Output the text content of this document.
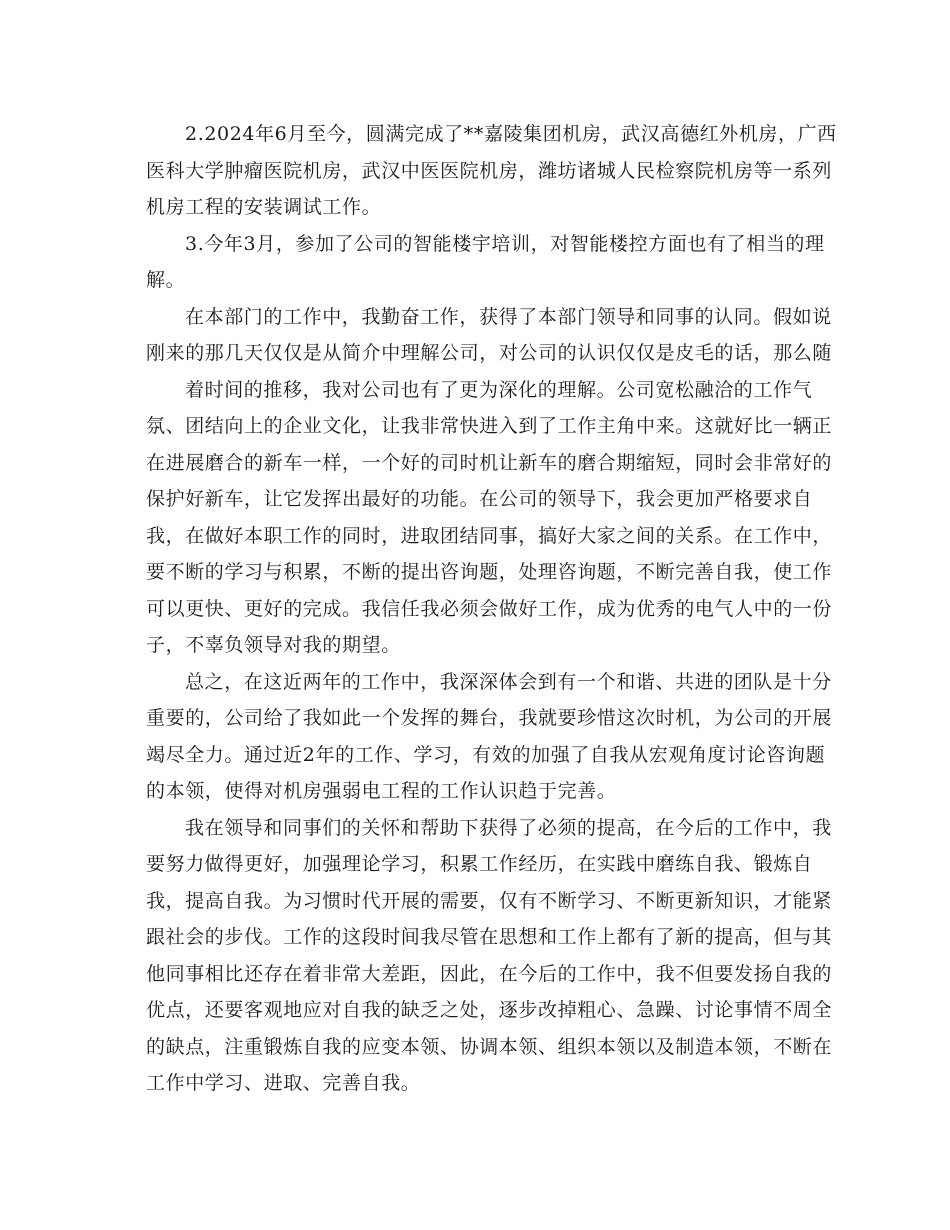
2.2024年6月至今，圆满完成了**嘉陵集团机房，武汉高德红外机房，广西
医科大学肿瘤医院机房，武汉中医医院机房，潍坊诸城人民检察院机房等一系列
机房工程的安装调试工作。
3.今年3月，参加了公司的智能楼宇培训，对智能楼控方面也有了相当的理
解。
在本部门的工作中，我勤奋工作，获得了本部门领导和同事的认同。假如说
刚来的那几天仅仅是从简介中理解公司，对公司的认识仅仅是皮毛的话，那么随
着时间的推移，我对公司也有了更为深化的理解。公司宽松融洽的工作气
氛、团结向上的企业文化，让我非常快进入到了工作主角中来。这就好比一辆正
在进展磨合的新车一样，一个好的司时机让新车的磨合期缩短，同时会非常好的
保护好新车，让它发挥出最好的功能。在公司的领导下，我会更加严格要求自
我，在做好本职工作的同时，进取团结同事，搞好大家之间的关系。在工作中，
要不断的学习与积累，不断的提出咨询题，处理咨询题，不断完善自我，使工作
可以更快、更好的完成。我信任我必须会做好工作，成为优秀的电气人中的一份
子，不辜负领导对我的期望。
总之，在这近两年的工作中，我深深体会到有一个和谐、共进的团队是十分
重要的，公司给了我如此一个发挥的舞台，我就要珍惜这次时机，为公司的开展
竭尽全力。通过近2年的工作、学习，有效的加强了自我从宏观角度讨论咨询题
的本领，使得对机房强弱电工程的工作认识趋于完善。
我在领导和同事们的关怀和帮助下获得了必须的提高，在今后的工作中，我
要努力做得更好，加强理论学习，积累工作经历，在实践中磨练自我、锻炼自
我，提高自我。为习惯时代开展的需要，仅有不断学习、不断更新知识，才能紧
跟社会的步伐。工作的这段时间我尽管在思想和工作上都有了新的提高，但与其
他同事相比还存在着非常大差距，因此，在今后的工作中，我不但要发扬自我的
优点，还要客观地应对自我的缺乏之处，逐步改掉粗心、急躁、讨论事情不周全
的缺点，注重锻炼自我的应变本领、协调本领、组织本领以及制造本领，不断在
工作中学习、进取、完善自我。
